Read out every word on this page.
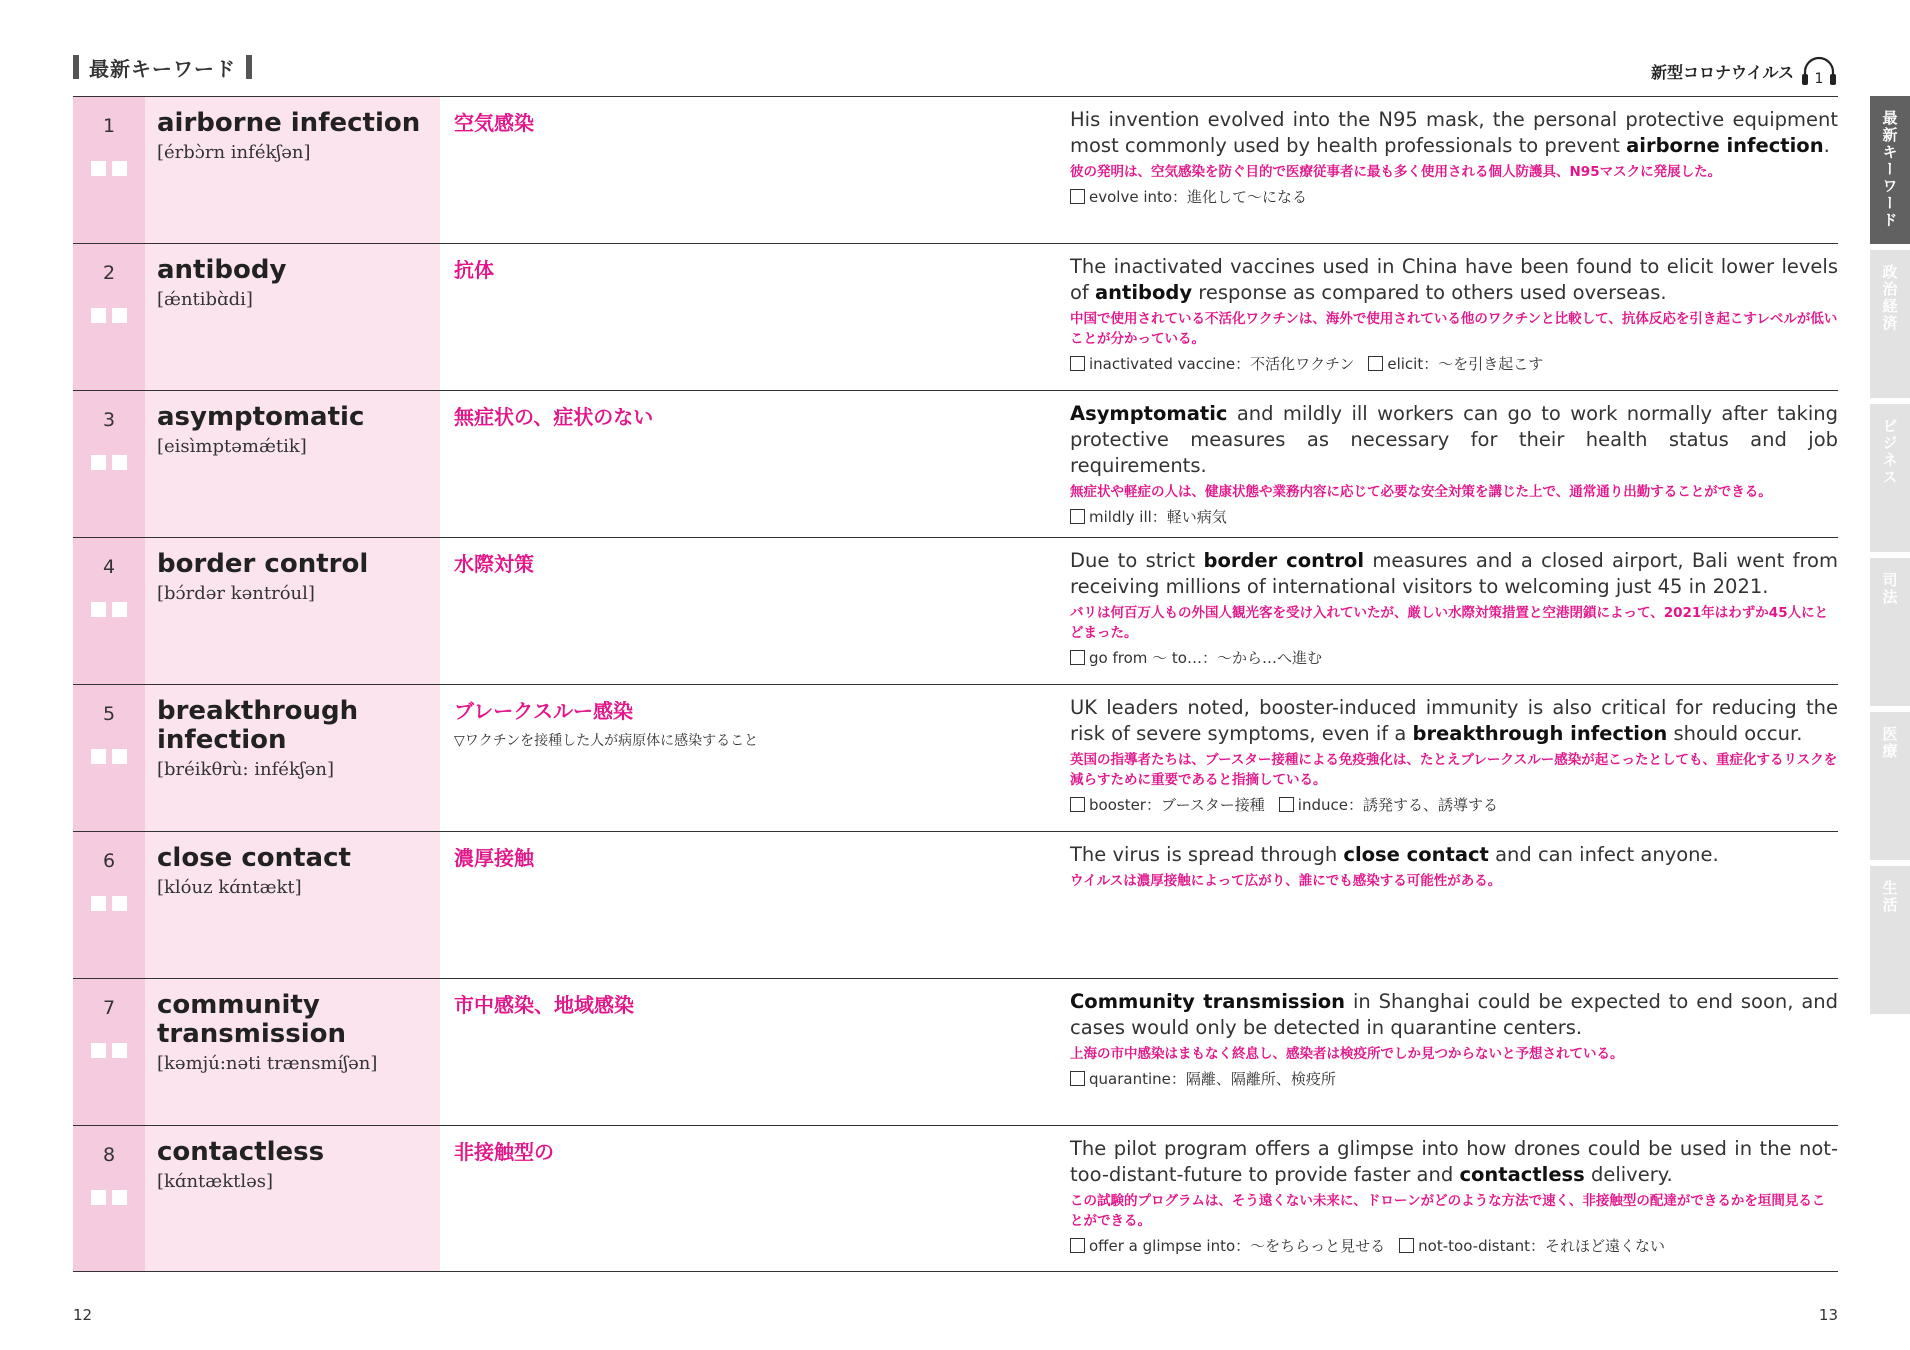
最新キーワード	新型コロナウイルス 1
1	airborne infection
[érbɔ̀rn infékʃən]
空気感染	His invention evolved into the N95 mask, the personal protective equipment most commonly used by health professionals to prevent airborne infection.
彼の発明は、空気感染を防ぐ目的で医療従事者に最も多く使用される個人防護具、N95マスクに発展した。
evolve into：進化して〜になる
2	antibody
[ǽntibɑ̀di]
抗体	The inactivated vaccines used in China have been found to elicit lower levels of antibody response as compared to others used overseas.
中国で使用されている不活化ワクチンは、海外で使用されている他のワクチンと比較して、抗体反応を引き起こすレベルが低いことが分かっている。
inactivated vaccine：不活化ワクチン elicit：〜を引き起こす
3	asymptomatic
[eisìmptəmǽtik]
無症状の、症状のない	Asymptomatic and mildly ill workers can go to work normally after taking protective measures as necessary for their health status and job requirements.
無症状や軽症の人は、健康状態や業務内容に応じて必要な安全対策を講じた上で、通常通り出勤することができる。
mildly ill：軽い病気
4	border control
[bɔ́rdər kəntróul]
水際対策	Due to strict border control measures and a closed airport, Bali went from receiving millions of international visitors to welcoming just 45 in 2021.
バリは何百万人もの外国人観光客を受け入れていたが、厳しい水際対策措置と空港閉鎖によって、2021年はわずか45人にとどまった。
go from 〜 to…：〜から…へ進む
5	breakthrough infection
[bréikθrù: infékʃən]
ブレークスルー感染
▽ワクチンを接種した人が病原体に感染すること
UK leaders noted, booster-induced immunity is also critical for reducing the risk of severe symptoms, even if a breakthrough infection should occur.
英国の指導者たちは、ブースター接種による免疫強化は、たとえブレークスルー感染が起こったとしても、重症化するリスクを減らすために重要であると指摘している。
booster：ブースター接種 induce：誘発する、誘導する
6	close contact
[klóuz kɑ́ntækt]
濃厚接触	The virus is spread through close contact and can infect anyone.
ウイルスは濃厚接触によって広がり、誰にでも感染する可能性がある。
7	community transmission
[kəmjú:nəti trænsmíʃən]
市中感染、地域感染	Community transmission in Shanghai could be expected to end soon, and cases would only be detected in quarantine centers.
上海の市中感染はまもなく終息し、感染者は検疫所でしか見つからないと予想されている。
quarantine：隔離、隔離所、検疫所
8	contactless
[kɑ́ntæktləs]
非接触型の	The pilot program offers a glimpse into how drones could be used in the not-too-distant-future to provide faster and contactless delivery.
この試験的プログラムは、そう遠くない未来に、ドローンがどのような方法で速く、非接触型の配達ができるかを垣間見ることができる。
offer a glimpse into：〜をちらっと見せる not-too-distant：それほど遠くない
最新キーワード
政治経済
ビジネス
司法
医療
生活
12	13
